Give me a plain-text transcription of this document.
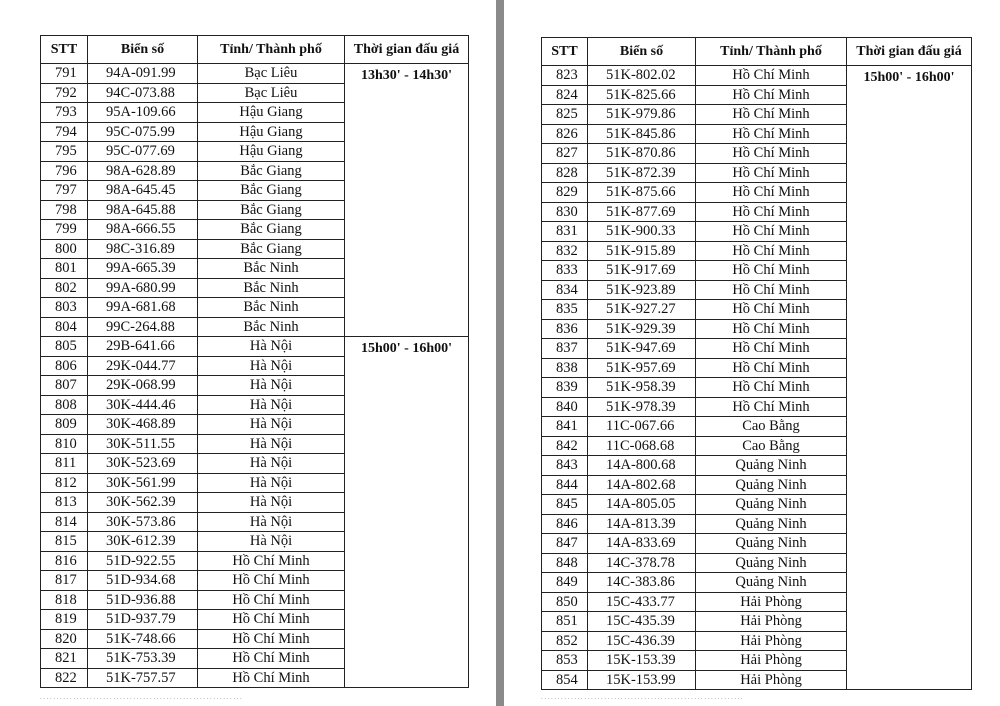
STT	Biển số	Tỉnh/ Thành phố	Thời gian đấu giá
791	94A-091.99	Bạc Liêu	13h30' - 14h30'
792	94C-073.88	Bạc Liêu	
793	95A-109.66	Hậu Giang	
794	95C-075.99	Hậu Giang	
795	95C-077.69	Hậu Giang	
796	98A-628.89	Bắc Giang	
797	98A-645.45	Bắc Giang	
798	98A-645.88	Bắc Giang	
799	98A-666.55	Bắc Giang	
800	98C-316.89	Bắc Giang	
801	99A-665.39	Bắc Ninh	
802	99A-680.99	Bắc Ninh	
803	99A-681.68	Bắc Ninh	
804	99C-264.88	Bắc Ninh	
805	29B-641.66	Hà Nội	15h00' - 16h00'
806	29K-044.77	Hà Nội	
807	29K-068.99	Hà Nội	
808	30K-444.46	Hà Nội	
809	30K-468.89	Hà Nội	
810	30K-511.55	Hà Nội	
811	30K-523.69	Hà Nội	
812	30K-561.99	Hà Nội	
813	30K-562.39	Hà Nội	
814	30K-573.86	Hà Nội	
815	30K-612.39	Hà Nội	
816	51D-922.55	Hồ Chí Minh	
817	51D-934.68	Hồ Chí Minh	
818	51D-936.88	Hồ Chí Minh	
819	51D-937.79	Hồ Chí Minh	
820	51K-748.66	Hồ Chí Minh	
821	51K-753.39	Hồ Chí Minh	
822	51K-757.57	Hồ Chí Minh	
. . . . . . . . . . . . . . . . . . . . . . . . . . . . . . . . . . . . . . . . . . . . . . . . . . . . . . . . . . . . .
STT	Biển số	Tỉnh/ Thành phố	Thời gian đấu giá
823	51K-802.02	Hồ Chí Minh	15h00' - 16h00'
824	51K-825.66	Hồ Chí Minh	
825	51K-979.86	Hồ Chí Minh	
826	51K-845.86	Hồ Chí Minh	
827	51K-870.86	Hồ Chí Minh	
828	51K-872.39	Hồ Chí Minh	
829	51K-875.66	Hồ Chí Minh	
830	51K-877.69	Hồ Chí Minh	
831	51K-900.33	Hồ Chí Minh	
832	51K-915.89	Hồ Chí Minh	
833	51K-917.69	Hồ Chí Minh	
834	51K-923.89	Hồ Chí Minh	
835	51K-927.27	Hồ Chí Minh	
836	51K-929.39	Hồ Chí Minh	
837	51K-947.69	Hồ Chí Minh	
838	51K-957.69	Hồ Chí Minh	
839	51K-958.39	Hồ Chí Minh	
840	51K-978.39	Hồ Chí Minh	
841	11C-067.66	Cao Bằng	
842	11C-068.68	Cao Bằng	
843	14A-800.68	Quảng Ninh	
844	14A-802.68	Quảng Ninh	
845	14A-805.05	Quảng Ninh	
846	14A-813.39	Quảng Ninh	
847	14A-833.69	Quảng Ninh	
848	14C-378.78	Quảng Ninh	
849	14C-383.86	Quảng Ninh	
850	15C-433.77	Hải Phòng	
851	15C-435.39	Hải Phòng	
852	15C-436.39	Hải Phòng	
853	15K-153.39	Hải Phòng	
854	15K-153.99	Hải Phòng	
. . . . . . . . . . . . . . . . . . . . . . . . . . . . . . . . . . . . . . . . . . . . . . . . . . . . . . . . . . . . .
